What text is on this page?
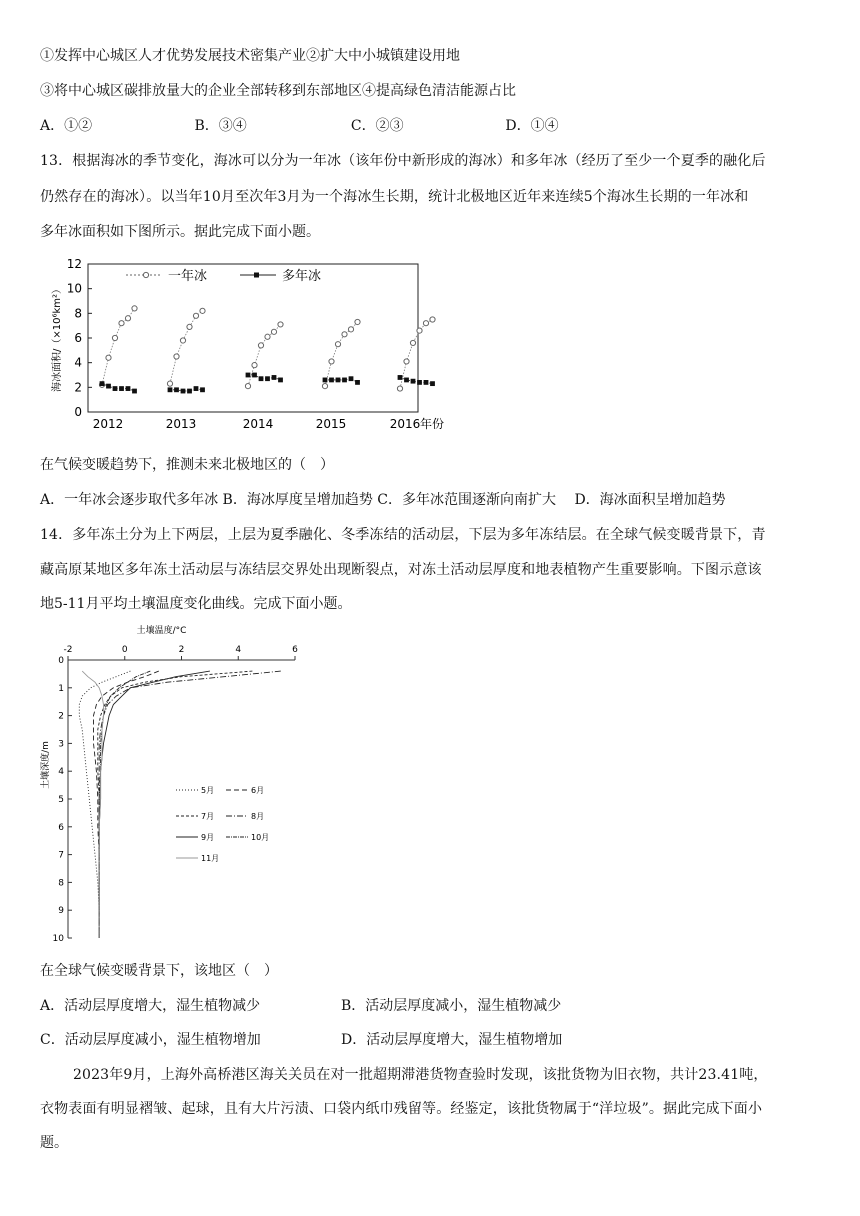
①发挥中心城区人才优势发展技术密集产业②扩大中小城镇建设用地
③将中心城区碳排放量大的企业全部转移到东部地区④提高绿色清洁能源占比
A．①②	B．③④	C．②③	D．①④
13．根据海冰的季节变化，海冰可以分为一年冰（该年份中新形成的海冰）和多年冰（经历了至少一个夏季的融化后
仍然存在的海冰）。以当年10月至次年3月为一个海冰生长期，统计北极地区近年来连续5个海冰生长期的一年冰和
多年冰面积如下图所示。据此完成下面小题。
0
2
4
6
8
10
12
2012	2013	2014	2015	2016 年份
海冰面积/（×10⁶km²）
一年冰	多年冰
在气候变暖趋势下，推测未来北极地区的（　）
A．一年冰会逐步取代多年冰 B．海冰厚度呈增加趋势 C．多年冰范围逐渐向南扩大 　D．海冰面积呈增加趋势
14．多年冻土分为上下两层，上层为夏季融化、冬季冻结的活动层，下层为多年冻结层。在全球气候变暖背景下，青
藏高原某地区多年冻土活动层与冻结层交界处出现断裂点，对冻土活动层厚度和地表植物产生重要影响。下图示意该
地5-11月平均土壤温度变化曲线。完成下面小题。
土壤温度/°C
-2	0	2	4	6
0
1
2
3
4
5
6
7
8
9
10
土壤深度/m
5月	6月
7月	8月
9月	10月
11月
在全球气候变暖背景下，该地区（　）
A．活动层厚度增大，湿生植物减少	B．活动层厚度减小，湿生植物减少
C．活动层厚度减小，湿生植物增加	D．活动层厚度增大，湿生植物增加
2023年9月，上海外高桥港区海关关员在对一批超期滞港货物查验时发现，该批货物为旧衣物，共计23.41吨，
衣物表面有明显褶皱、起球，且有大片污渍、口袋内纸巾残留等。经鉴定，该批货物属于“洋垃圾”。据此完成下面小
题。
